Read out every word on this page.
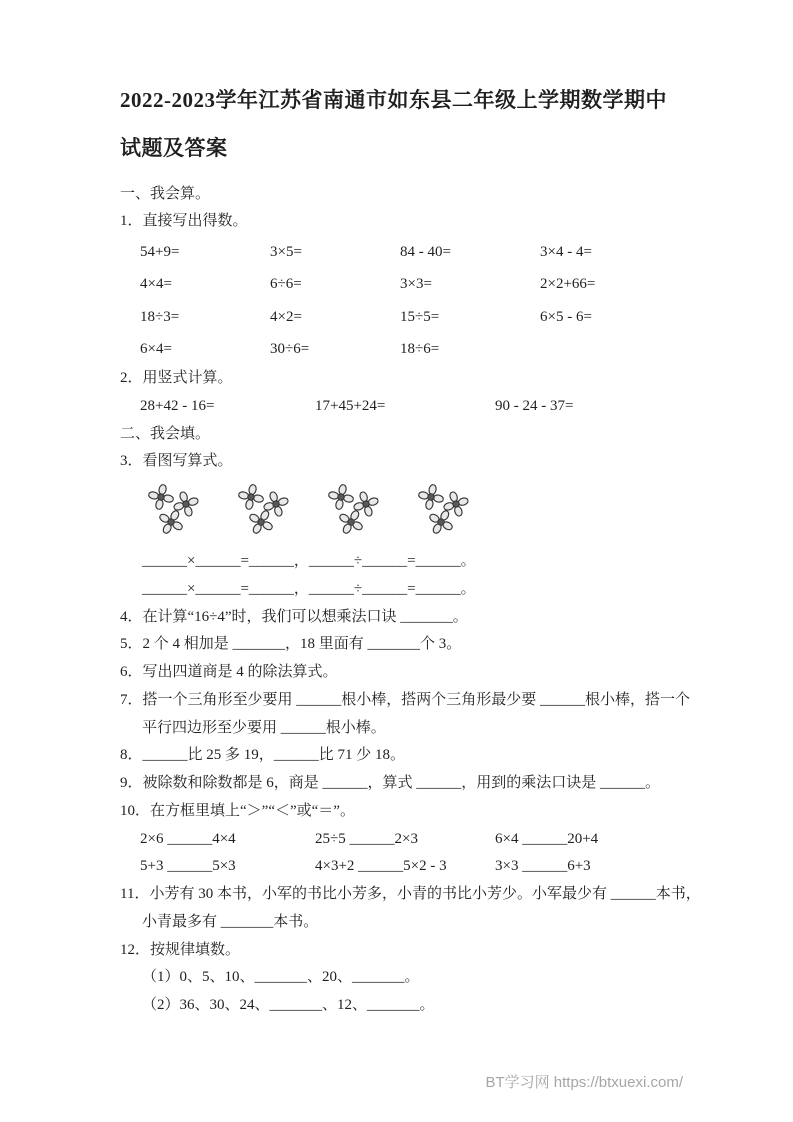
2022-2023学年江苏省南通市如东县二年级上学期数学期中试题及答案

一、我会算。

1．直接写出得数。

54+9=	3×5=	84 - 40=	3×4 - 4=
4×4=	6÷6=	3×3=	2×2+66=
18÷3=	4×2=	15÷5=	6×5 - 6=
6×4=	30÷6=	18÷6=

2．用竖式计算。

28+42 - 16=	17+45+24=	90 - 24 - 37=

二、我会填。

3．看图写算式。

______×______=______，______÷______=______。

______×______=______，______÷______=______。

4．在计算“16÷4”时，我们可以想乘法口诀 _______。

5．2 个 4 相加是 _______，18 里面有 _______个 3。

6．写出四道商是 4 的除法算式。

7．搭一个三角形至少要用 ______根小棒，搭两个三角形最少要 ______根小棒，搭一个

平行四边形至少要用 ______根小棒。

8．______比 25 多 19，______比 71 少 18。

9．被除数和除数都是 6，商是 ______，算式 ______，用到的乘法口诀是 ______。

10．在方框里填上“＞”“＜”或“＝”。

2×6 ______4×4	25÷5 ______2×3	6×4 ______20+4
5+3 ______5×3	4×3+2 ______5×2 - 3	3×3 ______6+3

11．小芳有 30 本书，小军的书比小芳多，小青的书比小芳少。小军最少有 ______本书，

小青最多有 _______本书。

12．按规律填数。

（1）0、5、10、_______、20、_______。

（2）36、30、24、_______、12、_______。

BT学习网 https://btxuexi.com/
